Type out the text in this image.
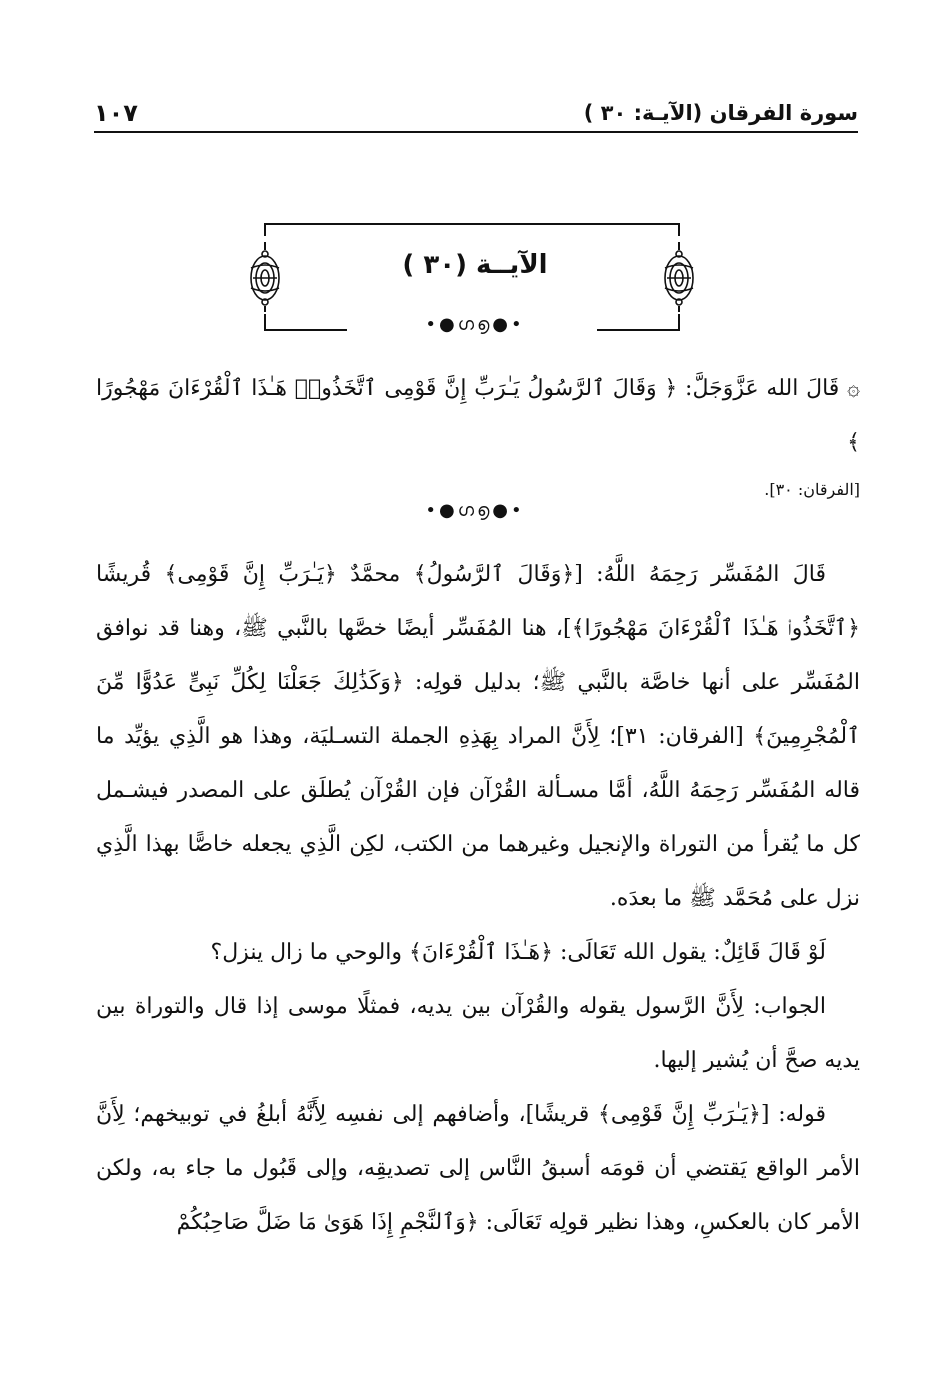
سورة الفرقان (الآيـة: ٣٠ )
١٠٧
الآيــة (٣٠ )
•●ഗ൭●•

۞ قَالَ الله عَزَّوَجَلَّ: ﴿ وَقَالَ ٱلرَّسُولُ يَـٰرَبِّ إِنَّ قَوْمِى ٱتَّخَذُوا۟ هَـٰذَا ٱلْقُرْءَانَ مَهْجُورًا ﴾

[الفرقان: ٣٠].

•●ഗ൭●•

قَالَ المُفَسِّر رَحِمَهُ اللَّهُ: [﴿وَقَالَ ٱلرَّسُولُ﴾ محمَّدٌ ﴿يَـٰرَبِّ إِنَّ قَوْمِى﴾ قُريشًا ﴿ٱتَّخَذُوا۟ هَـٰذَا ٱلْقُرْءَانَ مَهْجُورًا﴾]، هنا المُفَسِّر أيضًا خصَّها بالنَّبي ﷺ، وهنا قد نوافق المُفَسِّر على أنها خاصَّة بالنَّبي ﷺ؛ بدليل قولِه: ﴿وَكَذَٰلِكَ جَعَلْنَا لِكُلِّ نَبِىٍّ عَدُوًّا مِّنَ ٱلْمُجْرِمِينَ﴾ [الفرقان: ٣١]؛ لِأَنَّ المراد بِهَذِهِ الجملة التسـليَة، وهذا هو الَّذِي يؤيِّد ما قاله المُفَسِّر رَحِمَهُ اللَّهُ، أمَّا مسـألة القُرْآن فإن القُرْآن يُطلَق على المصدر فيشـمل كل ما يُقرأ من التوراة والإنجيل وغيرهما من الكتب، لكِن الَّذِي يجعله خاصًّا بهذا الَّذِي نزل على مُحَمَّد ﷺ ما بعدَه.

لَوْ قَالَ قَائِلٌ: يقول الله تَعَالَى: ﴿هَـٰذَا ٱلْقُرْءَانَ﴾ والوحي ما زال ينزل؟

الجواب: لِأَنَّ الرَّسول يقوله والقُرْآن بين يديه، فمثلًا موسى إذا قال والتوراة بين يديه صحَّ أن يُشير إليها.

قوله: [﴿يَـٰرَبِّ إِنَّ قَوْمِى﴾ قريشًا]، وأضافهم إلى نفسِه لِأَنَّهُ أبلغُ في توبيخهم؛ لِأَنَّ الأمر الواقع يَقتضي أن قومَه أسبقُ النَّاس إلى تصديقِه، وإلى قَبُول ما جاء به، ولكن الأمر كان بالعكسِ، وهذا نظير قولِه تَعَالَى: ﴿وَٱلنَّجْمِ إِذَا هَوَىٰ مَا ضَلَّ صَاحِبُكُمْ
